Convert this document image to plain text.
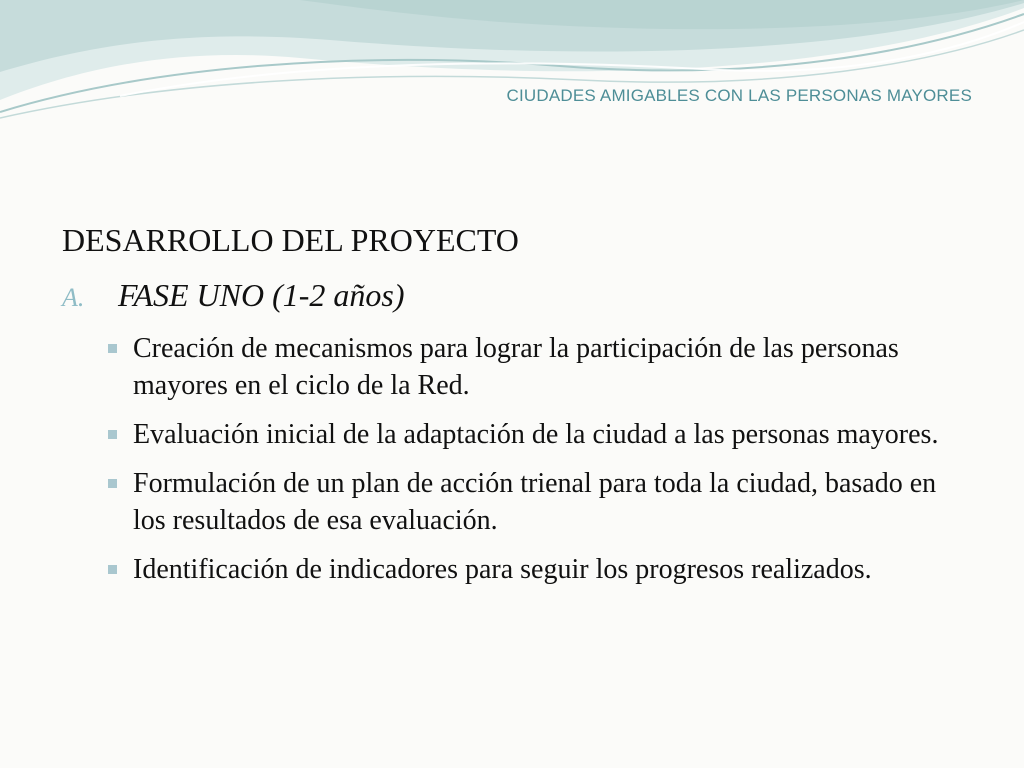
CIUDADES AMIGABLES CON LAS PERSONAS MAYORES
DESARROLLO DEL PROYECTO
A. FASE UNO (1-2 años)
Creación de mecanismos para lograr la participación de las personas mayores en el ciclo de la Red.
Evaluación inicial de la adaptación de la ciudad a las personas mayores.
Formulación de un plan de acción trienal para toda la ciudad, basado en los resultados de esa evaluación.
Identificación de indicadores para seguir los progresos realizados.
